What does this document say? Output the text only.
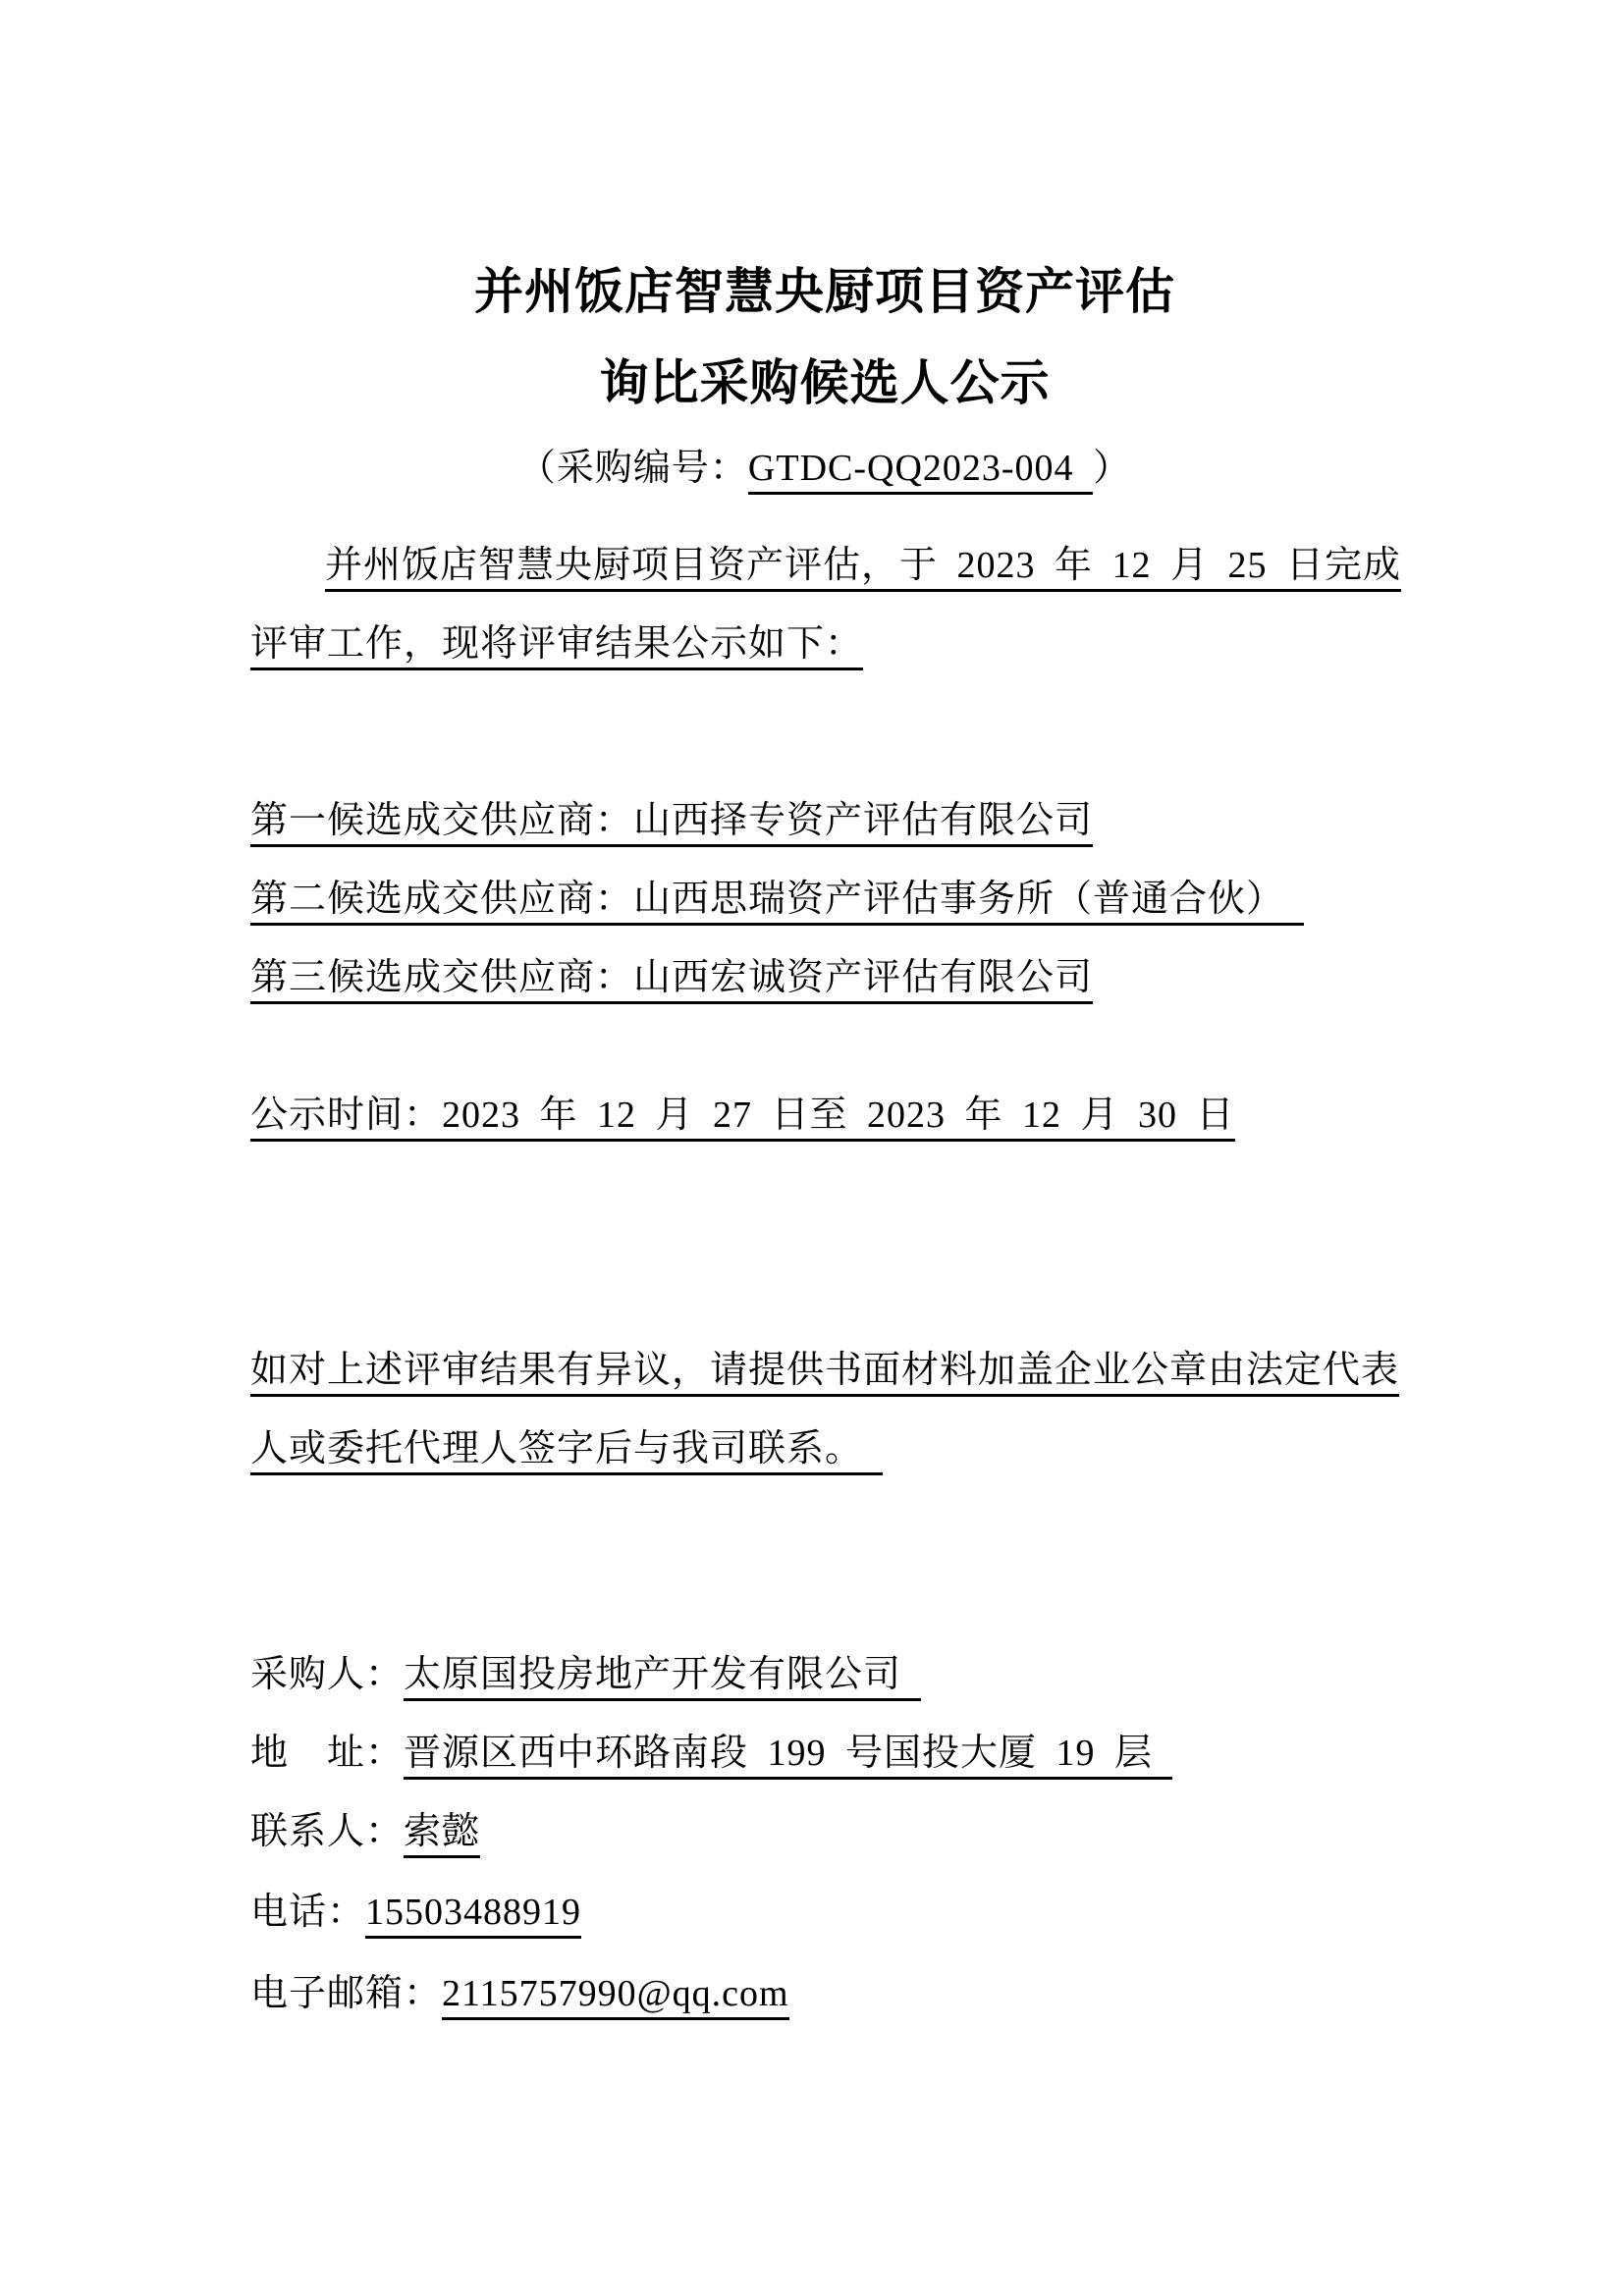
并州饭店智慧央厨项目资产评估
询比采购候选人公示
（采购编号：GTDC-QQ2023-004 ）
并州饭店智慧央厨项目资产评估，于 2023 年 12 月 25 日完成
评审工作，现将评审结果公示如下：
第一候选成交供应商：山西择专资产评估有限公司
第二候选成交供应商：山西思瑞资产评估事务所（普通合伙）
第三候选成交供应商：山西宏诚资产评估有限公司
公示时间：2023 年 12 月 27 日至 2023 年 12 月 30 日
如对上述评审结果有异议，请提供书面材料加盖企业公章由法定代表
人或委托代理人签字后与我司联系。
采购人：太原国投房地产开发有限公司
地　址：晋源区西中环路南段 199 号国投大厦 19 层
联系人：索懿
电话：15503488919
电子邮箱：2115757990@qq.com
